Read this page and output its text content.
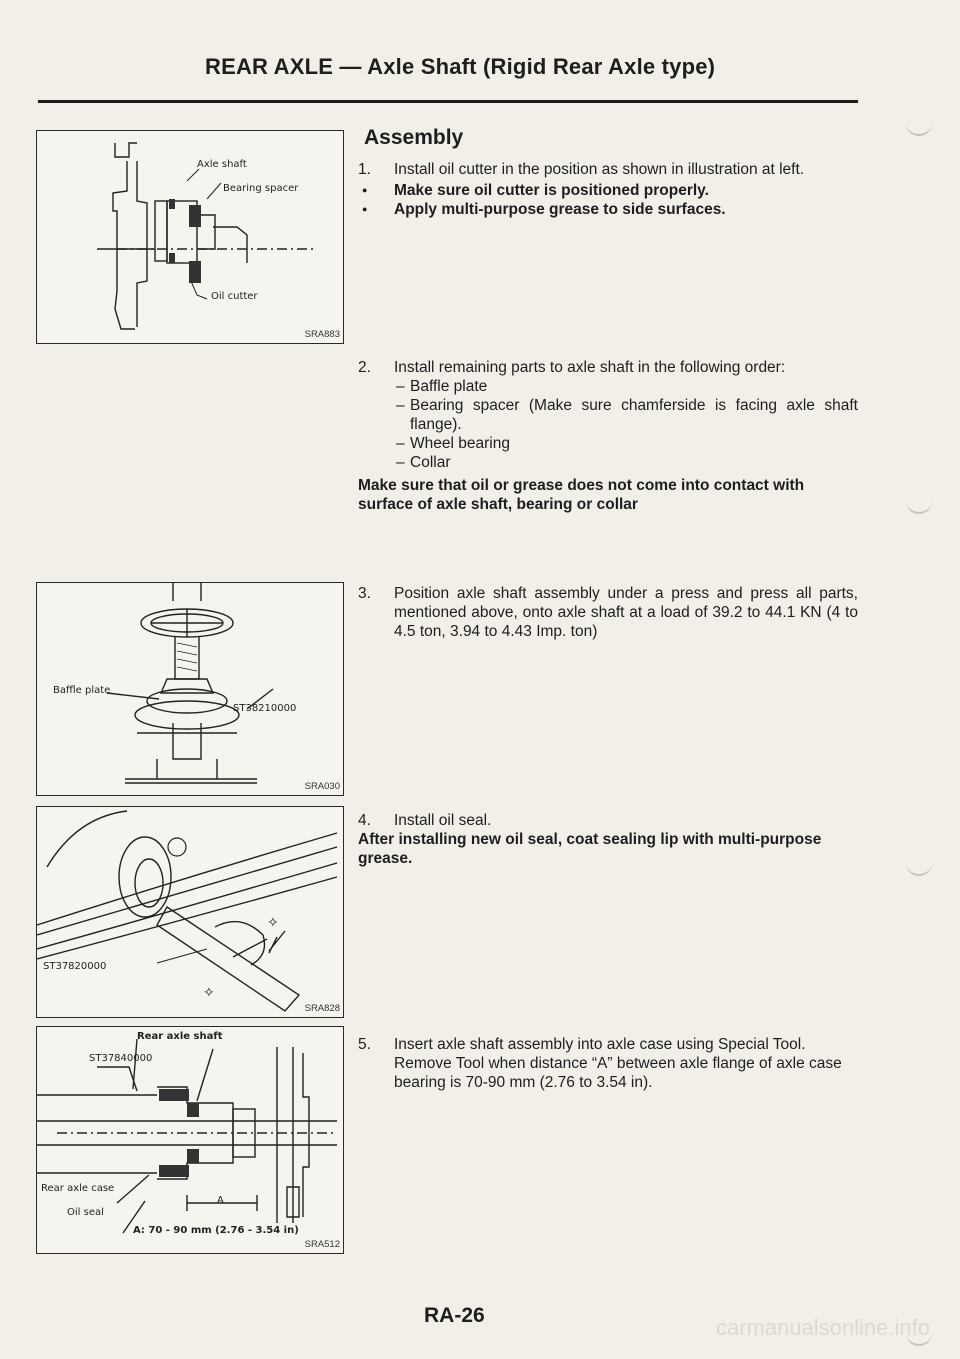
REAR AXLE — Axle Shaft (Rigid Rear Axle type)
Axle shaft
Bearing spacer
Oil cutter
SRA883
Assembly
1. Install oil cutter in the position as shown in illustration at left.
● Make sure oil cutter is positioned properly.
● Apply multi-purpose grease to side surfaces.
2. Install remaining parts to axle shaft in the following order:
– Baffle plate
– Bearing spacer (Make sure chamferside is facing axle shaft flange).
– Wheel bearing
– Collar
Make sure that oil or grease does not come into contact with surface of axle shaft, bearing or collar
Baffle plate
ST38210000
SRA030
3. Position axle shaft assembly under a press and press all parts, mentioned above, onto axle shaft at a load of 39.2 to 44.1 KN (4 to 4.5 ton, 3.94 to 4.43 Imp. ton)
✧
✧
ST37820000
SRA828
4. Install oil seal.
After installing new oil seal, coat sealing lip with multi-purpose grease.
Rear axle shaft
ST37840000
Rear axle case
Oil seal
A
A: 70 - 90 mm (2.76 - 3.54 in)
SRA512
5. Insert axle shaft assembly into axle case using Special Tool.
Remove Tool when distance “A” between axle flange of axle case bearing is 70-90 mm (2.76 to 3.54 in).
RA-26	carmanualsonline.info
